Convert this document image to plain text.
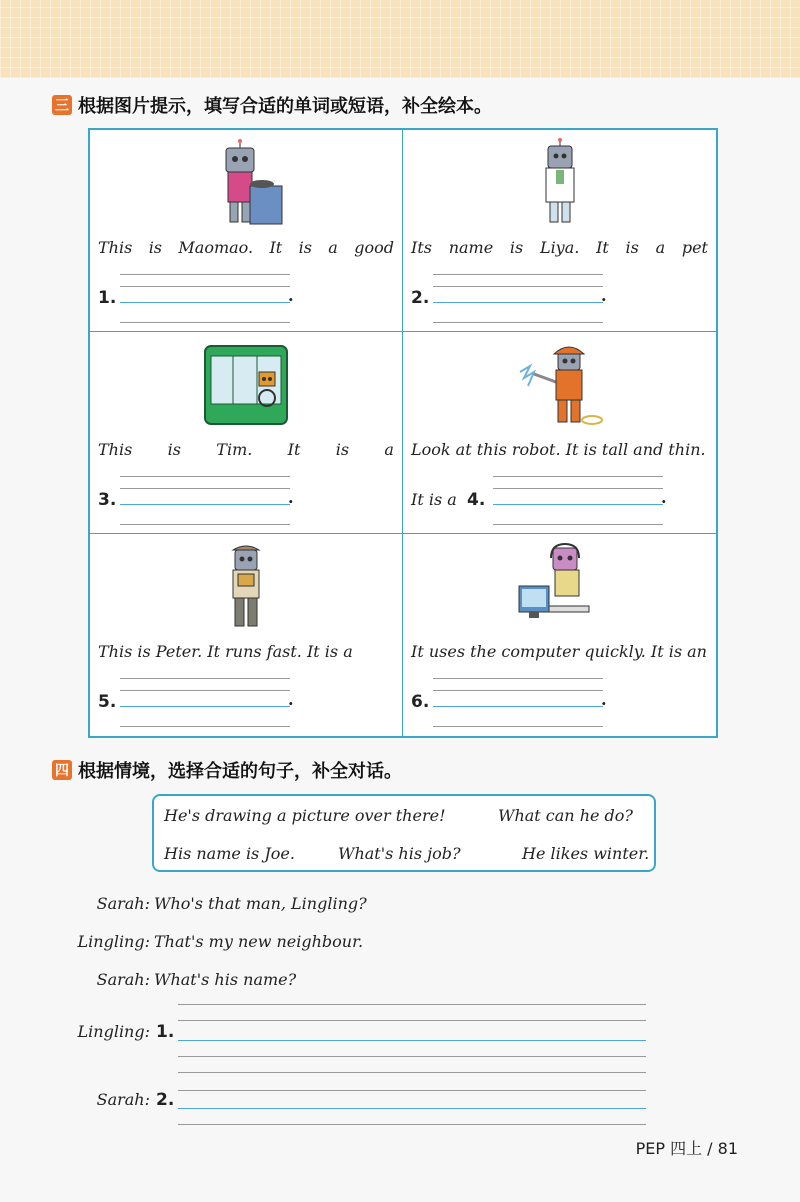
三 根据图片提示，填写合适的单词或短语，补全绘本。
This is Maomao. It is a good
1.	.
Its name is Liya. It is a pet
2.	.
This is Tim. It is a
3.	.
Look at this robot. It is tall and thin.
It is a 4.	.
This is Peter. It runs fast. It is a
5.	.
It uses the computer quickly. It is an
6.	.
四 根据情境，选择合适的句子，补全对话。
He's drawing a picture over there!	What can he do?
His name is Joe.	What's his job?	He likes winter.
Sarah: Who's that man, Lingling?
Lingling: That's my new neighbour.
Sarah: What's his name?
Lingling: 1.
Sarah: 2.
PEP 四上 / 81
